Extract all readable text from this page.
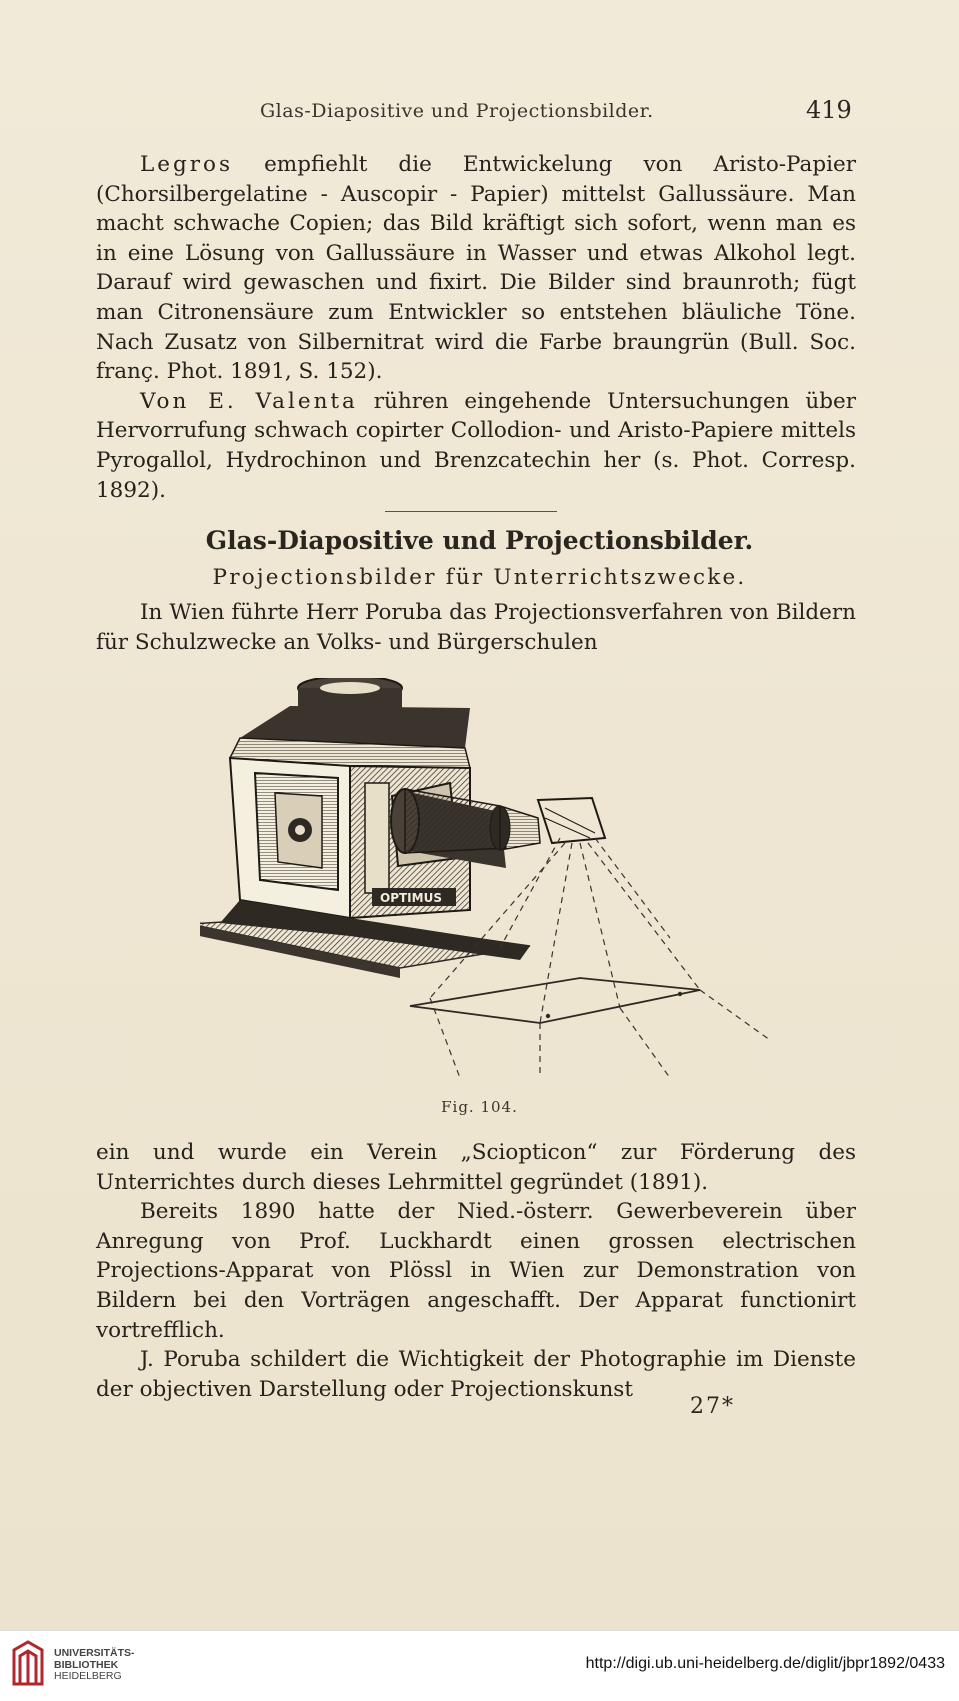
Glas-Diapositive und Projectionsbilder.	419

Legros empfiehlt die Entwickelung von Aristo-Papier (Chorsilbergelatine - Auscopir - Papier) mittelst Gallussäure. Man macht schwache Copien; das Bild kräftigt sich sofort, wenn man es in eine Lösung von Gallussäure in Wasser und etwas Alkohol legt. Darauf wird gewaschen und fixirt. Die Bilder sind braunroth; fügt man Citronensäure zum Entwickler so entstehen bläuliche Töne. Nach Zusatz von Silbernitrat wird die Farbe braungrün (Bull. Soc. franç. Phot. 1891, S. 152).

Von E. Valenta rühren eingehende Untersuchungen über Hervorrufung schwach copirter Collodion- und Aristo-Papiere mittels Pyrogallol, Hydrochinon und Brenzcatechin her (s. Phot. Corresp. 1892).

Glas-Diapositive und Projectionsbilder.
Projectionsbilder für Unterrichtszwecke.

In Wien führte Herr Poruba das Projectionsverfahren von Bildern für Schulzwecke an Volks- und Bürgerschulen

OPTIMUS
Fig. 104.

ein und wurde ein Verein „Sciopticon“ zur Förderung des Unterrichtes durch dieses Lehrmittel gegründet (1891).

Bereits 1890 hatte der Nied.-österr. Gewerbeverein über Anregung von Prof. Luckhardt einen grossen electrischen Projections-Apparat von Plössl in Wien zur Demonstration von Bildern bei den Vorträgen angeschafft. Der Apparat functionirt vortrefflich.

J. Poruba schildert die Wichtigkeit der Photographie im Dienste der objectiven Darstellung oder Projectionskunst

27*
UNIVERSITÄTS-
BIBLIOTHEK
HEIDELBERG
http://digi.ub.uni-heidelberg.de/diglit/jbpr1892/0433
